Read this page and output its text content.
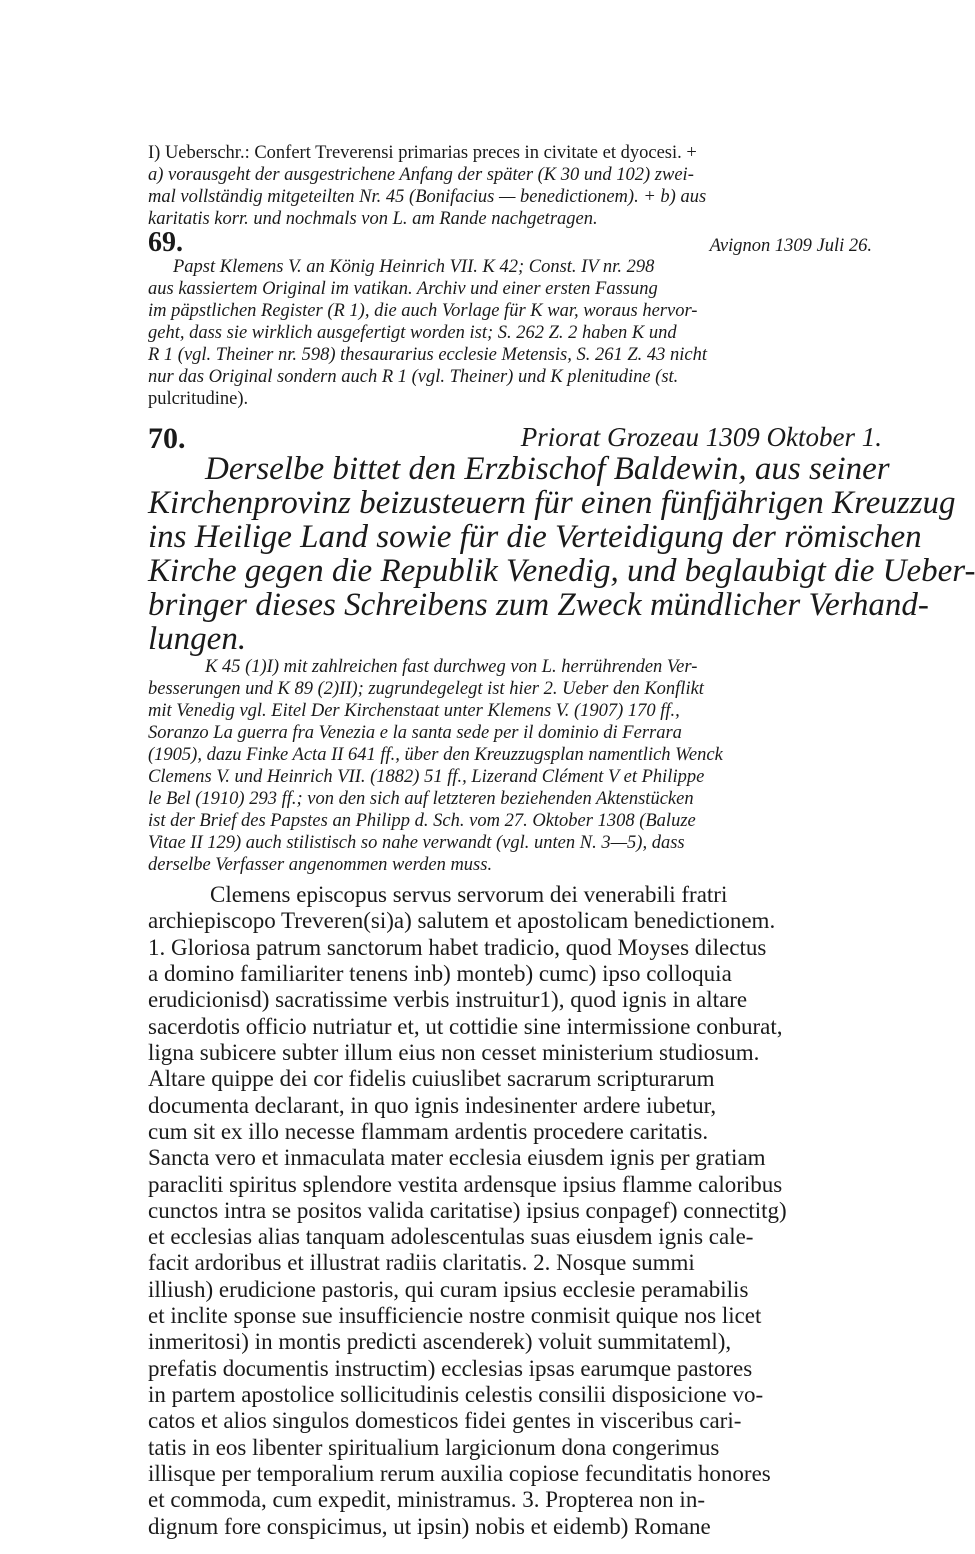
I) Ueberschr.: Confert Treverensi primarias preces in civitate et dyocesi. +
a) vorausgeht der ausgestrichene Anfang der später (K 30 und 102) zwei-
mal vollständig mitgeteilten Nr. 45 (Bonifacius — benedictionem). + b) aus
karitatis korr. und nochmals von L. am Rande nachgetragen.
69.	Avignon 1309 Juli 26.
Papst Klemens V. an König Heinrich VII. K 42; Const. IV nr. 298
aus kassiertem Original im vatikan. Archiv und einer ersten Fassung
im päpstlichen Register (R 1), die auch Vorlage für K war, woraus hervor-
geht, dass sie wirklich ausgefertigt worden ist; S. 262 Z. 2 haben K und
R 1 (vgl. Theiner nr. 598) thesaurarius ecclesie Metensis, S. 261 Z. 43 nicht
nur das Original sondern auch R 1 (vgl. Theiner) und K plenitudine (st.
pulcritudine).
70.	Priorat Grozeau 1309 Oktober 1.
Derselbe bittet den Erzbischof Baldewin, aus seiner
Kirchenprovinz beizusteuern für einen fünfjährigen Kreuzzug
ins Heilige Land sowie für die Verteidigung der römischen
Kirche gegen die Republik Venedig, und beglaubigt die Ueber-
bringer dieses Schreibens zum Zweck mündlicher Verhand-
lungen.
K 45 (1)I) mit zahlreichen fast durchweg von L. herrührenden Ver-
besserungen und K 89 (2)II); zugrundegelegt ist hier 2. Ueber den Konflikt
mit Venedig vgl. Eitel Der Kirchenstaat unter Klemens V. (1907) 170 ff.,
Soranzo La guerra fra Venezia e la santa sede per il dominio di Ferrara
(1905), dazu Finke Acta II 641 ff., über den Kreuzzugsplan namentlich Wenck
Clemens V. und Heinrich VII. (1882) 51 ff., Lizerand Clément V et Philippe
le Bel (1910) 293 ff.; von den sich auf letzteren beziehenden Aktenstücken
ist der Brief des Papstes an Philipp d. Sch. vom 27. Oktober 1308 (Baluze
Vitae II 129) auch stilistisch so nahe verwandt (vgl. unten N. 3—5), dass
derselbe Verfasser angenommen werden muss.
Clemens episcopus servus servorum dei venerabili fratri
archiepiscopo Treveren(si)a) salutem et apostolicam benedictionem.
1. Gloriosa patrum sanctorum habet tradicio, quod Moyses dilectus
a domino familiariter tenens inb) monteb) cumc) ipso colloquia
erudicionisd) sacratissime verbis instruitur1), quod ignis in altare
sacerdotis officio nutriatur et, ut cottidie sine intermissione conburat,
ligna subicere subter illum eius non cesset ministerium studiosum.
Altare quippe dei cor fidelis cuiuslibet sacrarum scripturarum
documenta declarant, in quo ignis indesinenter ardere iubetur,
cum sit ex illo necesse flammam ardentis procedere caritatis.
Sancta vero et inmaculata mater ecclesia eiusdem ignis per gratiam
paracliti spiritus splendore vestita ardensque ipsius flamme caloribus
cunctos intra se positos valida caritatise) ipsius conpagef) connectitg)
et ecclesias alias tanquam adolescentulas suas eiusdem ignis cale-
facit ardoribus et illustrat radiis claritatis. 2. Nosque summi
illiush) erudicione pastoris, qui curam ipsius ecclesie peramabilis
et inclite sponse sue insufficiencie nostre conmisit quique nos licet
inmeritosi) in montis predicti ascenderek) voluit summitateml),
prefatis documentis instructim) ecclesias ipsas earumque pastores
in partem apostolice sollicitudinis celestis consilii disposicione vo-
catos et alios singulos domesticos fidei gentes in visceribus cari-
tatis in eos libenter spiritualium largicionum dona congerimus
illisque per temporalium rerum auxilia copiose fecunditatis honores
et commoda, cum expedit, ministramus. 3. Propterea non in-
dignum fore conspicimus, ut ipsin) nobis et eidemb) Romane
